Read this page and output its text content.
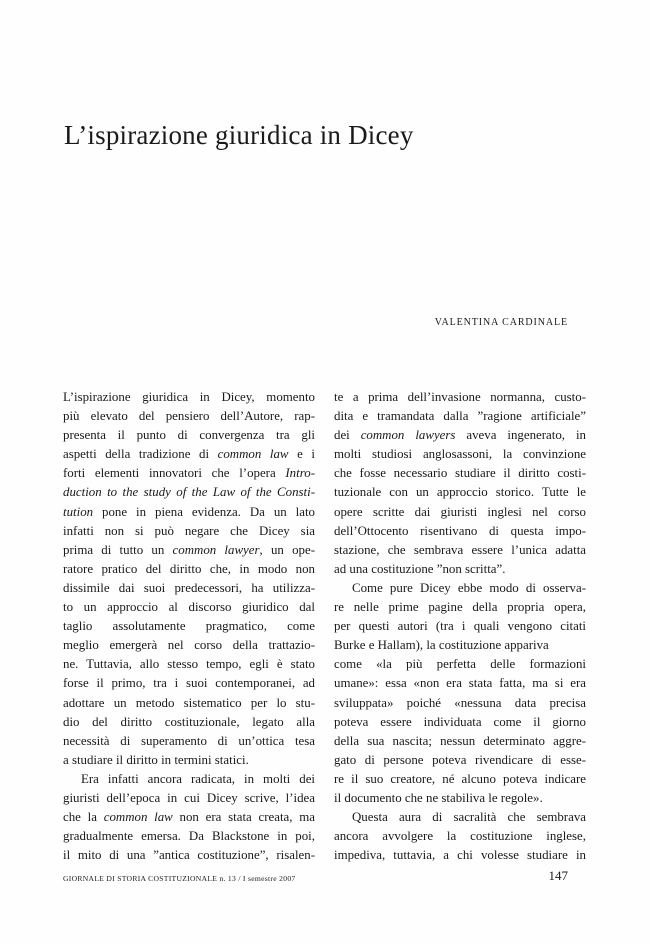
L’ispirazione giuridica in Dicey
VALENTINA CARDINALE
L’ispirazione giuridica in Dicey, momento
più elevato del pensiero dell’Autore, rap-
presenta il punto di convergenza tra gli
aspetti della tradizione di common law e i
forti elementi innovatori che l’opera Intro-
duction to the study of the Law of the Consti-
tution pone in piena evidenza. Da un lato
infatti non si può negare che Dicey sia
prima di tutto un common lawyer, un ope-
ratore pratico del diritto che, in modo non
dissimile dai suoi predecessori, ha utilizza-
to un approccio al discorso giuridico dal
taglio assolutamente pragmatico, come
meglio emergerà nel corso della trattazio-
ne. Tuttavia, allo stesso tempo, egli è stato
forse il primo, tra i suoi contemporanei, ad
adottare un metodo sistematico per lo stu-
dio del diritto costituzionale, legato alla
necessità di superamento di un’ottica tesa
a studiare il diritto in termini statici.
Era infatti ancora radicata, in molti dei
giuristi dell’epoca in cui Dicey scrive, l’idea
che la common law non era stata creata, ma
gradualmente emersa. Da Blackstone in poi,
il mito di una ”antica costituzione”, risalen-
te a prima dell’invasione normanna, custo-
dita e tramandata dalla ”ragione artificiale”
dei common lawyers aveva ingenerato, in
molti studiosi anglosassoni, la convinzione
che fosse necessario studiare il diritto costi-
tuzionale con un approccio storico. Tutte le
opere scritte dai giuristi inglesi nel corso
dell’Ottocento risentivano di questa impo-
stazione, che sembrava essere l’unica adatta
ad una costituzione ”non scritta”.
Come pure Dicey ebbe modo di osserva-
re nelle prime pagine della propria opera,
per questi autori (tra i quali vengono citati
Burke e Hallam), la costituzione appariva
come «la più perfetta delle formazioni
umane»: essa «non era stata fatta, ma si era
sviluppata» poiché «nessuna data precisa
poteva essere individuata come il giorno
della sua nascita; nessun determinato aggre-
gato di persone poteva rivendicare di esse-
re il suo creatore, né alcuno poteva indicare
il documento che ne stabiliva le regole».
Questa aura di sacralità che sembrava
ancora avvolgere la costituzione inglese,
impediva, tuttavia, a chi volesse studiare in
GIORNALE DI STORIA COSTITUZIONALE n. 13 / I semestre 2007	147
